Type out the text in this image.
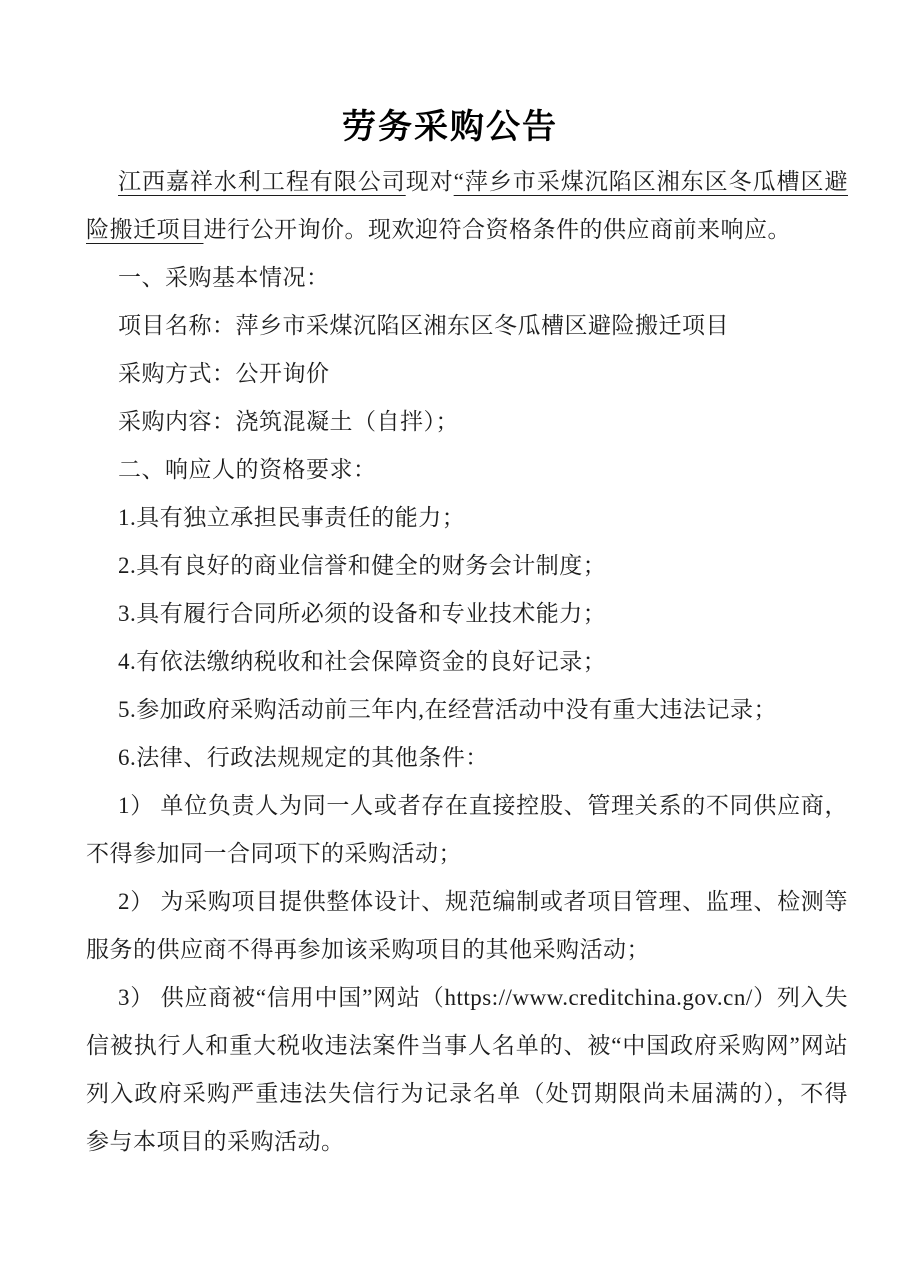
劳务采购公告

江西嘉祥水利工程有限公司现对“萍乡市采煤沉陷区湘东区冬瓜槽区避险搬迁项目进行公开询价。现欢迎符合资格条件的供应商前来响应。

一、采购基本情况：

项目名称：萍乡市采煤沉陷区湘东区冬瓜槽区避险搬迁项目

采购方式：公开询价

采购内容：浇筑混凝土（自拌）；

二、响应人的资格要求：

1.具有独立承担民事责任的能力；

2.具有良好的商业信誉和健全的财务会计制度；

3.具有履行合同所必须的设备和专业技术能力；

4.有依法缴纳税收和社会保障资金的良好记录；

5.参加政府采购活动前三年内,在经营活动中没有重大违法记录；

6.法律、行政法规规定的其他条件：

1） 单位负责人为同一人或者存在直接控股、管理关系的不同供应商，不得参加同一合同项下的采购活动；

2） 为采购项目提供整体设计、规范编制或者项目管理、监理、检测等服务的供应商不得再参加该采购项目的其他采购活动；

3） 供应商被“信用中国”网站（https://www.creditchina.gov.cn/）列入失信被执行人和重大税收违法案件当事人名单的、被“中国政府采购网”网站列入政府采购严重违法失信行为记录名单（处罚期限尚未届满的），不得参与本项目的采购活动。
